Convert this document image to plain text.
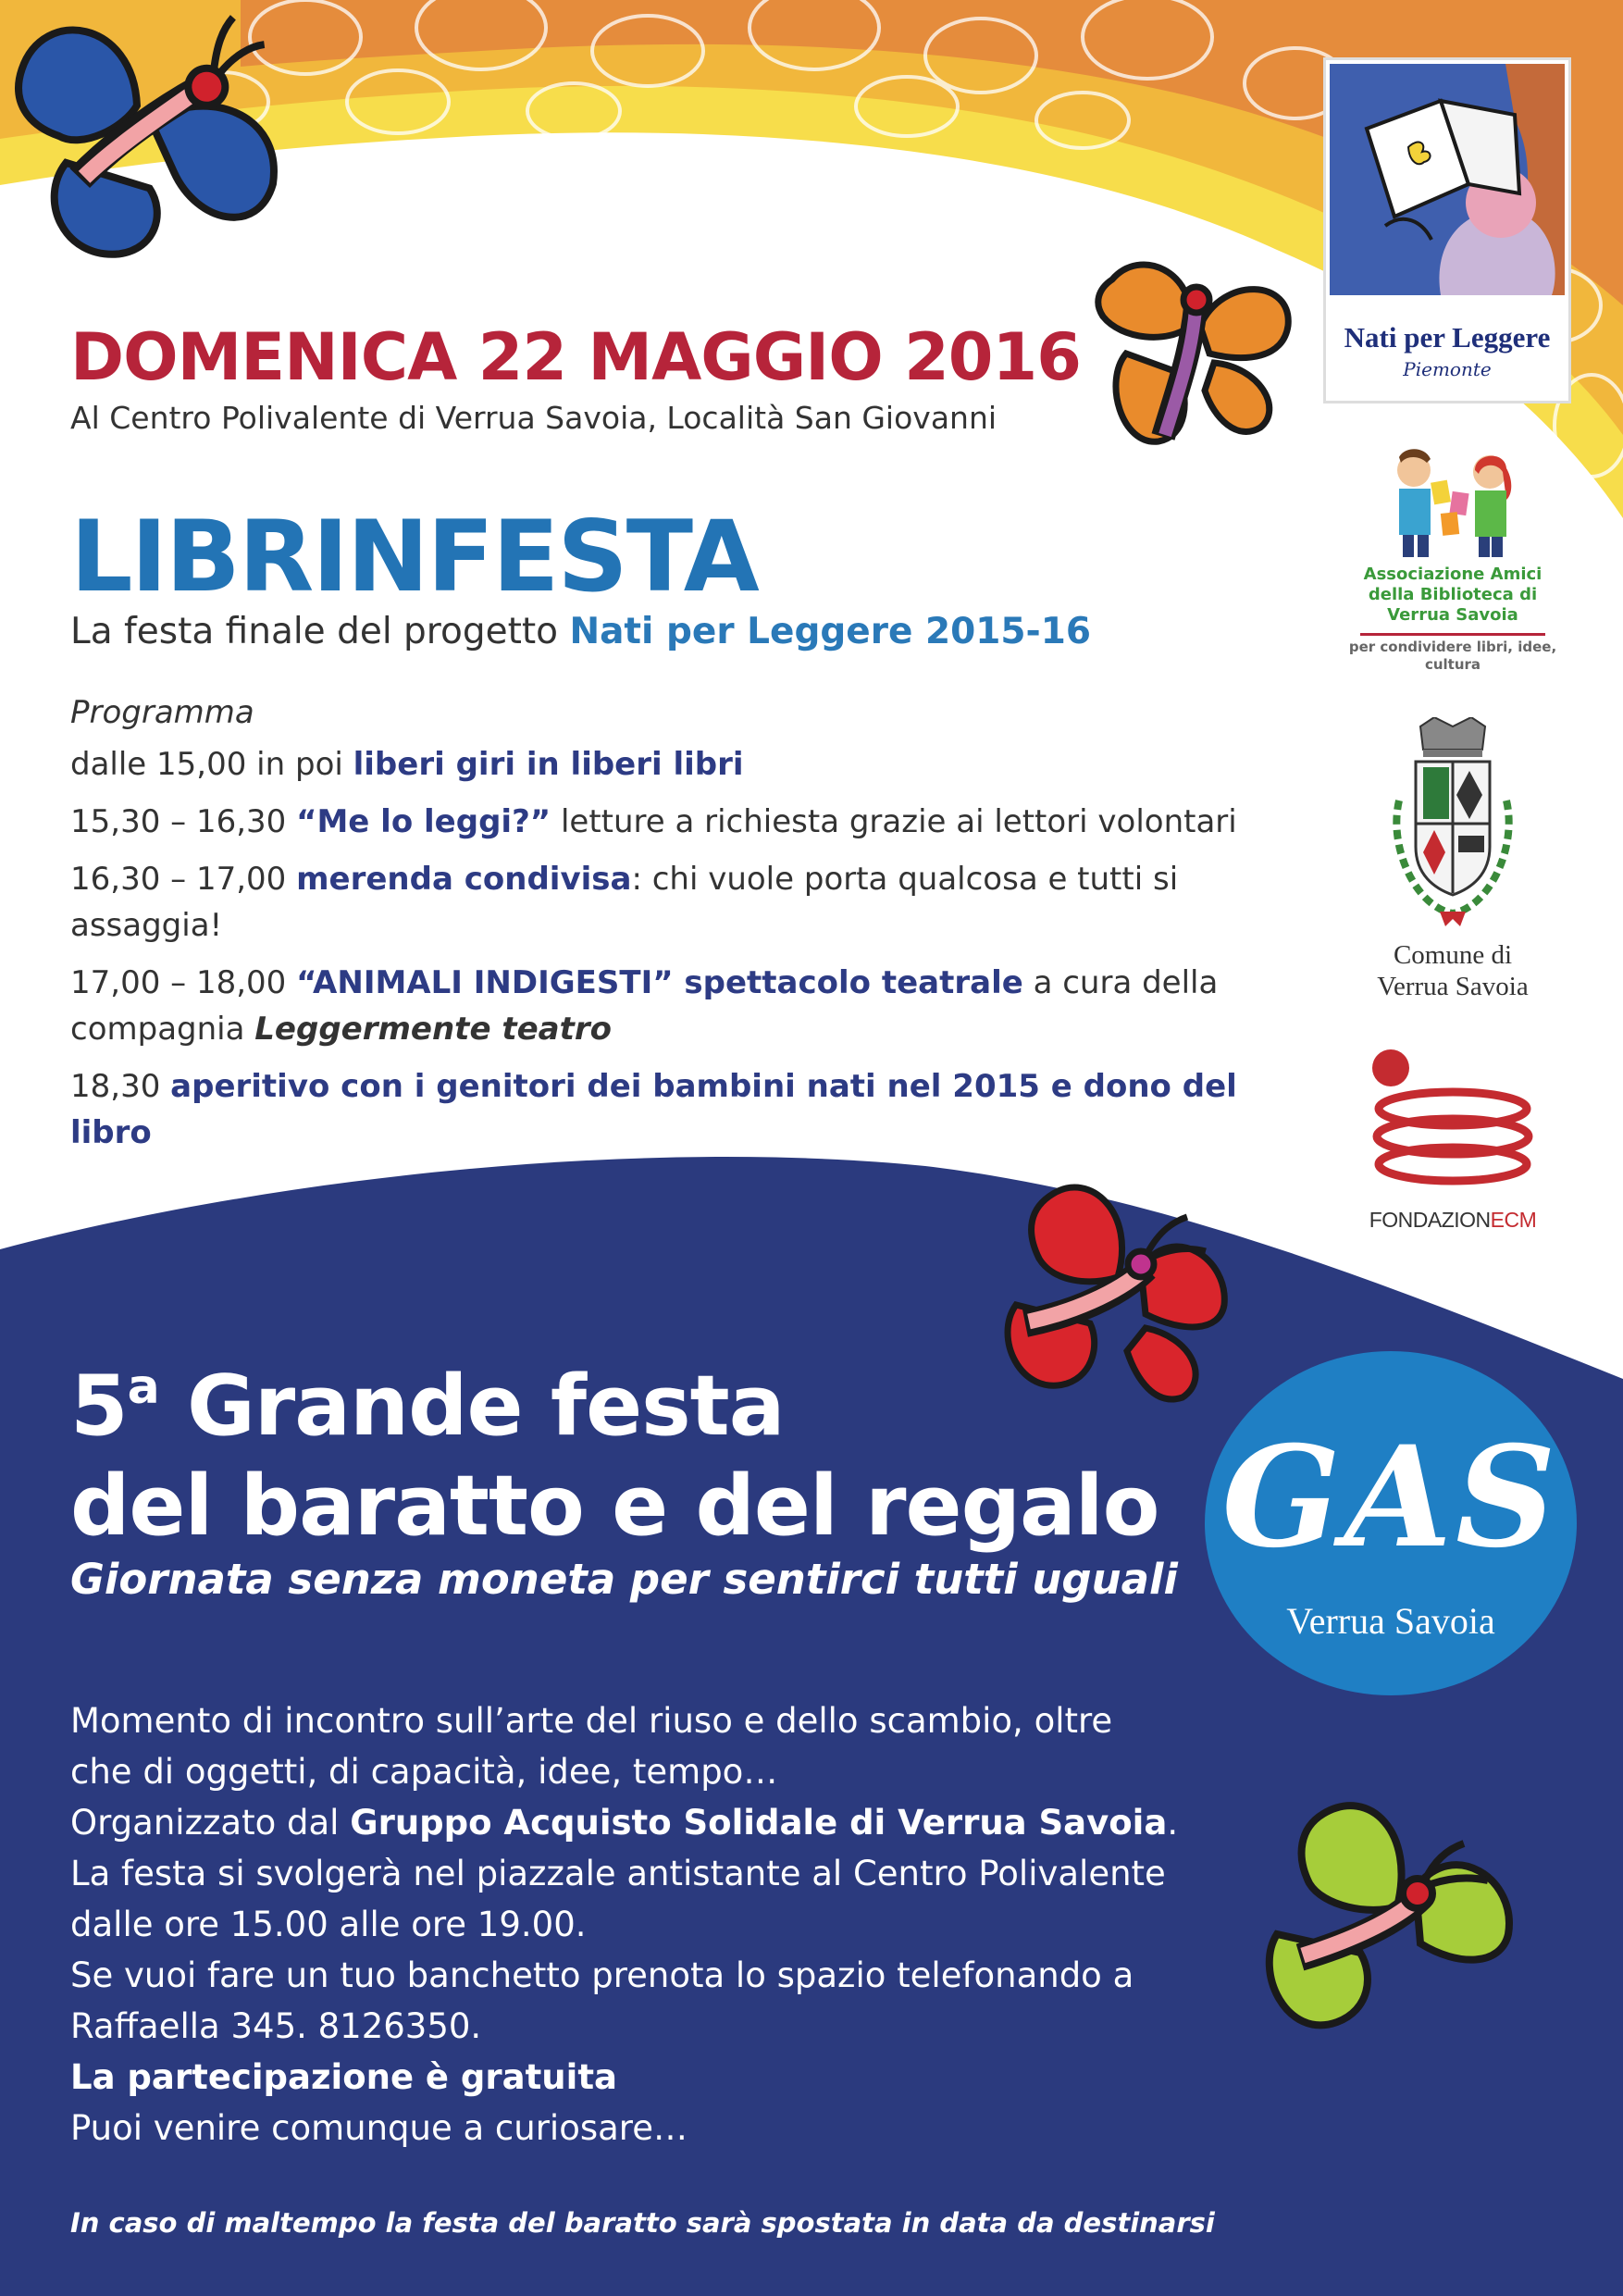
DOMENICA 22 MAGGIO 2016
Al Centro Polivalente di Verrua Savoia, Località San Giovanni
LIBRINFESTA
La festa finale del progetto Nati per Leggere 2015-16
Programma
dalle 15,00 in poi liberi giri in liberi libri
15,30 – 16,30 “Me lo leggi?” letture a richiesta grazie ai lettori volontari
16,30 – 17,00 merenda condivisa: chi vuole porta qualcosa e tutti si assaggia!
17,00 – 18,00 “ANIMALI INDIGESTI” spettacolo teatrale a cura della compagnia Leggermente teatro
18,30 aperitivo con i genitori dei bambini nati nel 2015 e dono del libro
Nati per Leggere
Piemonte
Associazione Amici della Biblioteca di Verrua Savoia
per condividere libri, idee, cultura
Comune di
Verrua Savoia
FONDAZIONECM
5$^a$ Grande festa
del baratto e del regalo
Giornata senza moneta per sentirci tutti uguali
GAS
Verrua Savoia
Momento di incontro sull’arte del riuso e dello scambio, oltre che di oggetti, di capacità, idee, tempo…
Organizzato dal Gruppo Acquisto Solidale di Verrua Savoia.
La festa si svolgerà nel piazzale antistante al Centro Polivalente dalle ore 15.00 alle ore 19.00.
Se vuoi fare un tuo banchetto prenota lo spazio telefonando a Raffaella 345. 8126350.
La partecipazione è gratuita
Puoi venire comunque a curiosare…
In caso di maltempo la festa del baratto sarà spostata in data da destinarsi
